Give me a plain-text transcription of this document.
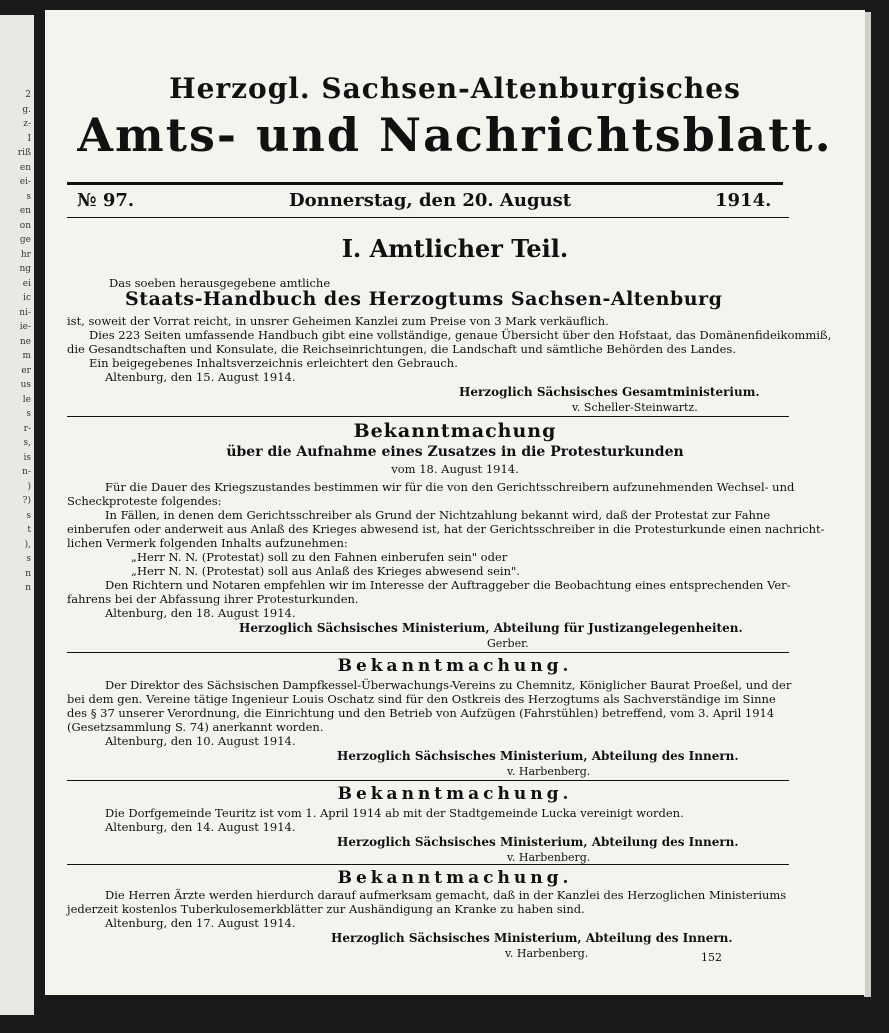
2
g.
z-
I
riß
en
ei-
s
en
on
ge
hr
ng
ei
ic
ni-
ie-
ne
m
er
us
le
s
r-
s,
is
n-
)
?)
s
t
),
s
n
n
Herzogl. Sachsen-Altenburgisches
Amts- und Nachrichtsblatt.
№ 97.	Donnerstag, den 20. August	1914.
I. Amtlicher Teil.
Das soeben herausgegebene amtliche
Staats-Handbuch des Herzogtums Sachsen-Altenburg
ist, soweit der Vorrat reicht, in unsrer Geheimen Kanzlei zum Preise von 3 Mark verkäuflich.
Dies 223 Seiten umfassende Handbuch gibt eine vollständige, genaue Übersicht über den Hofstaat, das Domänenfideikommiß,
die Gesandtschaften und Konsulate, die Reichseinrichtungen, die Landschaft und sämtliche Behörden des Landes.
Ein beigegebenes Inhaltsverzeichnis erleichtert den Gebrauch.
Altenburg, den 15. August 1914.
Herzoglich Sächsisches Gesamtministerium.
v. Scheller-Steinwartz.
Bekanntmachung
über die Aufnahme eines Zusatzes in die Protesturkunden
vom 18. August 1914.
Für die Dauer des Kriegszustandes bestimmen wir für die von den Gerichtsschreibern aufzunehmenden Wechsel- und
Scheckproteste folgendes:
In Fällen, in denen dem Gerichtsschreiber als Grund der Nichtzahlung bekannt wird, daß der Protestat zur Fahne
einberufen oder anderweit aus Anlaß des Krieges abwesend ist, hat der Gerichtsschreiber in die Protesturkunde einen nachricht-
lichen Vermerk folgenden Inhalts aufzunehmen:
„Herr N. N. (Protestat) soll zu den Fahnen einberufen sein" oder
„Herr N. N. (Protestat) soll aus Anlaß des Krieges abwesend sein".
Den Richtern und Notaren empfehlen wir im Interesse der Auftraggeber die Beobachtung eines entsprechenden Ver-
fahrens bei der Abfassung ihrer Protesturkunden.
Altenburg, den 18. August 1914.
Herzoglich Sächsisches Ministerium, Abteilung für Justizangelegenheiten.
Gerber.
Bekanntmachung.
Der Direktor des Sächsischen Dampfkessel-Überwachungs-Vereins zu Chemnitz, Königlicher Baurat Proeßel, und der
bei dem gen. Vereine tätige Ingenieur Louis Oschatz sind für den Ostkreis des Herzogtums als Sachverständige im Sinne
des § 37 unserer Verordnung, die Einrichtung und den Betrieb von Aufzügen (Fahrstühlen) betreffend, vom 3. April 1914
(Gesetzsammlung S. 74) anerkannt worden.
Altenburg, den 10. August 1914.
Herzoglich Sächsisches Ministerium, Abteilung des Innern.
v. Harbenberg.
Bekanntmachung.
Die Dorfgemeinde Teuritz ist vom 1. April 1914 ab mit der Stadtgemeinde Lucka vereinigt worden.
Altenburg, den 14. August 1914.
Herzoglich Sächsisches Ministerium, Abteilung des Innern.
v. Harbenberg.
Bekanntmachung.
Die Herren Ärzte werden hierdurch darauf aufmerksam gemacht, daß in der Kanzlei des Herzoglichen Ministeriums
jederzeit kostenlos Tuberkulosemerkblätter zur Aushändigung an Kranke zu haben sind.
Altenburg, den 17. August 1914.
Herzoglich Sächsisches Ministerium, Abteilung des Innern.
v. Harbenberg.	152
